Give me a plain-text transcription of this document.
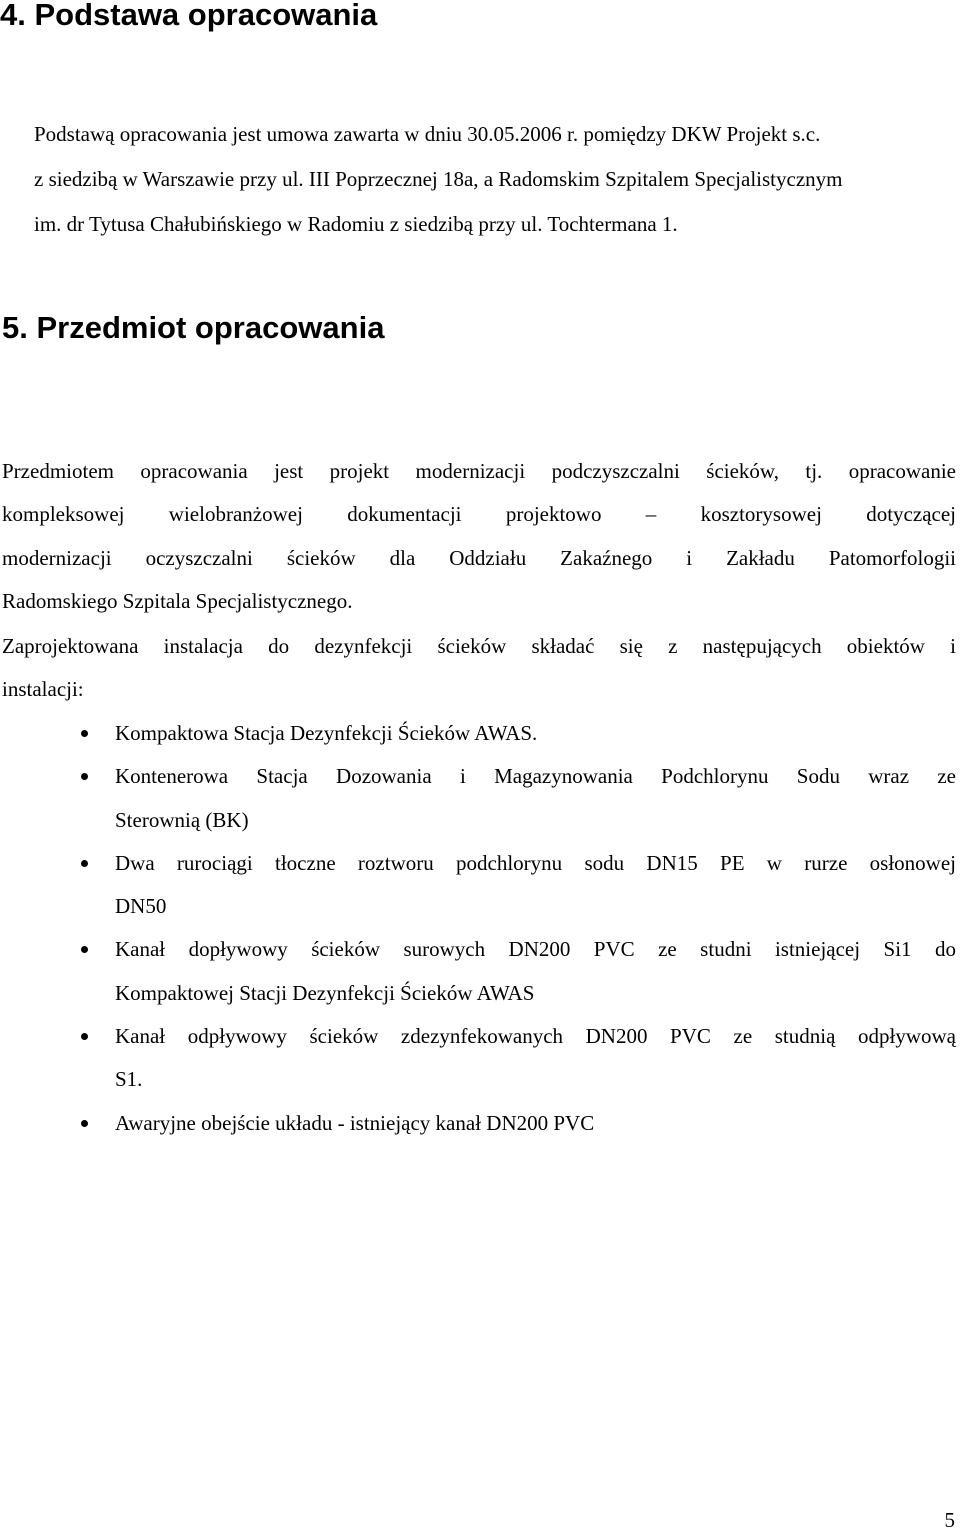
4. Podstawa opracowania

Podstawą opracowania jest umowa zawarta w dniu 30.05.2006 r. pomiędzy DKW Projekt s.c.
z siedzibą w Warszawie przy ul. III Poprzecznej 18a, a Radomskim Szpitalem Specjalistycznym
im. dr Tytusa Chałubińskiego w Radomiu z siedzibą przy ul. Tochtermana 1.

5. Przedmiot opracowania

Przedmiotem opracowania jest projekt modernizacji podczyszczalni ścieków, tj. opracowanie
kompleksowej wielobranżowej dokumentacji projektowo – kosztorysowej dotyczącej
modernizacji oczyszczalni ścieków dla Oddziału Zakaźnego i Zakładu Patomorfologii
Radomskiego Szpitala Specjalistycznego.

Zaprojektowana instalacja do dezynfekcji ścieków składać się z następujących obiektów i
instalacji:

Kompaktowa Stacja Dezynfekcji Ścieków AWAS.
Kontenerowa Stacja Dozowania i Magazynowania Podchlorynu Sodu wraz ze
Sterownią (BK)
Dwa rurociągi tłoczne roztworu podchlorynu sodu DN15 PE w rurze osłonowej
DN50
Kanał dopływowy ścieków surowych DN200 PVC ze studni istniejącej Si1 do
Kompaktowej Stacji Dezynfekcji Ścieków AWAS
Kanał odpływowy ścieków zdezynfekowanych DN200 PVC ze studnią odpływową
S1.
Awaryjne obejście układu - istniejący kanał DN200 PVC

5
